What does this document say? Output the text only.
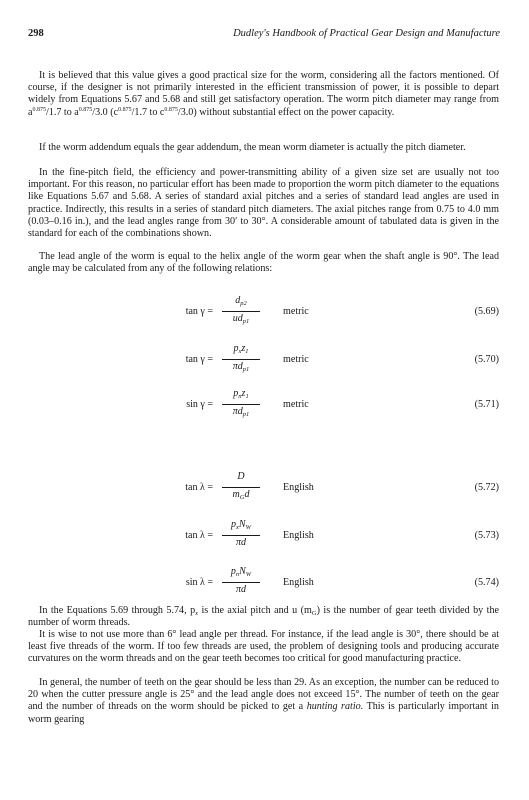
298	Dudley's Handbook of Practical Gear Design and Manufacture

It is believed that this value gives a good practical size for the worm, considering all the factors mentioned. Of course, if the designer is not primarily interested in the efficient transmission of power, it is possible to depart widely from Equations 5.67 and 5.68 and still get satisfactory operation. The worm pitch diameter may range from $a^{0.875}/1.7$ to $a^{0.875}/3.0$ ($c^{0.875}/1.7$ to $c^{0.875}/3.0$) without substantial effect on the power capacity.

If the worm addendum equals the gear addendum, the mean worm diameter is actually the pitch diameter.

In the fine-pitch field, the efficiency and power-transmitting ability of a given size set are usually not too important. For this reason, no particular effort has been made to proportion the worm pitch diameter to the equations like Equations 5.67 and 5.68. A series of standard axial pitches and a series of standard lead angles are used in practice. Indirectly, this results in a series of standard pitch diameters. The axial pitches range from 0.75 to 4.0 mm (0.03–0.16 in.), and the lead angles range from 30′ to 30°. A considerable amount of tabulated data is given in the standard for each of the combinations shown.

The lead angle of the worm is equal to the helix angle of the worm gear when the shaft angle is 90°. The lead angle may be calculated from any of the following relations:

tan γ =
$d_{p2}$
$ud_{p1}$
metric	(5.69)
tan γ =
$p_xz_1$
$\pi d_{p1}$
metric	(5.70)
sin γ =
$p_nz_1$
$\pi d_{p1}$
metric	(5.71)
tan λ =
D
$m_Gd$
English	(5.72)
tan λ =
$p_xN_W$
πd
English	(5.73)
sin λ =
$p_nN_W$
πd
English	(5.74)

In the Equations 5.69 through 5.74, $p_x$ is the axial pitch and u $(m_G)$ is the number of gear teeth divided by the number of worm threads.

It is wise to not use more than 6° lead angle per thread. For instance, if the lead angle is 30°, there should be at least five threads of the worm. If too few threads are used, the problem of designing tools and producing accurate curvatures on the worm threads and on the gear teeth becomes too critical for good manufacturing practice.

In general, the number of teeth on the gear should be less than 29. As an exception, the number can be reduced to 20 when the cutter pressure angle is 25° and the lead angle does not exceed 15°. The number of teeth on the gear and the number of threads on the worm should be picked to get a hunting ratio. This is particularly important in worm gearing
